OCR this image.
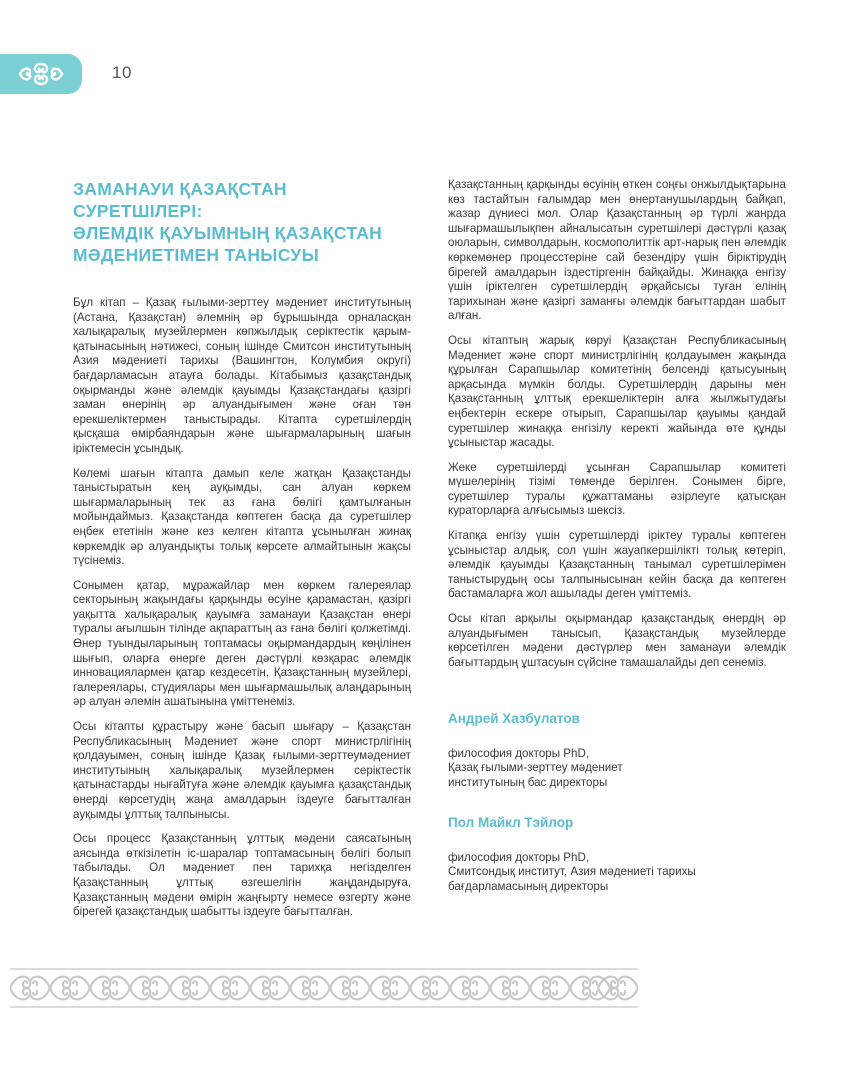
10
ЗАМАНАУИ ҚАЗАҚСТАН СУРЕТШІЛЕРІ:
ӘЛЕМДІК ҚАУЫМНЫҢ ҚАЗАҚСТАН
МӘДЕНИЕТІМЕН ТАНЫСУЫ

Бұл кітап – Қазақ ғылыми-зерттеу мәдениет институтының (Астана, Қазақстан) әлемнің әр бұрышында орналасқан халықаралық музейлермен көпжылдық серіктестік қарым-қатынасының нәтижесі, соның ішінде Смитсон институтының Азия мәдениеті тарихы (Вашингтон, Колумбия округі) бағдарламасын атауға болады. Кітабымыз қазақстандық оқырманды және әлемдік қауымды Қазақстандағы қазіргі заман өнерінің әр алуандығымен және оған тән ерекшеліктермен таныстырады. Кітапта суретшілердің қысқаша өмірбаяндарын және шығармаларының шағын іріктемесін ұсындық.

Көлемі шағын кітапта дамып келе жатқан Қазақстанды таныстыратын кең ауқымды, сан алуан көркем шығармаларының тек аз ғана бөлігі қамтылғанын мойындаймыз. Қазақстанда көптеген басқа да суретшілер еңбек ететінін және кез келген кітапта ұсынылған жинақ көркемдік әр алуандықты толық көрсете алмайтынын жақсы түсінеміз.

Сонымен қатар, мұражайлар мен көркем галереялар секторының жақындағы қарқынды өсуіне қарамастан, қазіргі уақытта халықаралық қауымға заманауи Қазақстан өнері туралы ағылшын тілінде ақпараттың аз ғана бөлігі қолжетімді. Өнер туындыларының топтамасы оқырмандардың көңілінен шығып, оларға өнерге деген дәстүрлі көзқарас әлемдік инновациялармен қатар кездесетін, Қазақстанның музейлері, галереялары, студиялары мен шығармашылық алаңдарының әр алуан әлемін ашатынына үміттенеміз.

Осы кітапты құрастыру және басып шығару – Қазақстан Республикасының Мәдениет және спорт министрлігінің қолдауымен, соның ішінде Қазақ ғылыми-зерттеумәдениет институтының халықаралық музейлермен серіктестік қатынастарды нығайтуға және әлемдік қауымға қазақстандық өнерді көрсетудің жаңа амалдарын іздеуге бағытталған ауқымды ұлттық талпынысы.

Осы процесс Қазақстанның ұлттық мәдени саясатының аясында өткізілетін іс-шаралар топтамасының бөлігі болып табылады. Ол мәдениет пен тарихқа негізделген Қазақстанның ұлттық өзгешелігін жаңдандыруға, Қазақстанның мәдени өмірін жаңғырту немесе өзгерту және бірегей қазақстандық шабытты іздеуге бағытталған.

Қазақстанның қарқынды өсуінің өткен соңғы онжылдықтарына көз тастайтын ғалымдар мен өнертанушылардың байқап, жазар дүниесі мол. Олар Қазақстанның әр түрлі жанрда шығармашылықпен айналысатын суретшілері дәстүрлі қазақ оюларын, символдарын, космополиттік арт-нарық пен әлемдік көркемөнер процесстеріне сай безендіру үшін біріктірудің бірегей амалдарын іздестіргенін байқайды. Жинаққа енгізу үшін іріктелген суретшілердің әрқайсысы туған елінің тарихынан және қазіргі заманғы әлемдік бағыттардан шабыт алған.

Осы кітаптың жарық көруі Қазақстан Республикасының Мәдениет және спорт министрлігінің қолдауымен жақында құрылған Сарапшылар комитетінің белсенді қатысуының арқасында мүмкін болды. Суретшілердің дарыны мен Қазақстанның ұлттық ерекшеліктерін алға жылжытудағы еңбектерін ескере отырып, Сарапшылар қауымы қандай суретшілер жинаққа енгізілу керекті жайында өте құнды ұсыныстар жасады.

Жеке суретшілерді ұсынған Сарапшылар комитеті мүшелерінің тізімі төменде берілген. Сонымен бірге, суретшілер туралы құжаттаманы әзірлеуге қатысқан кураторларға алғысымыз шексіз.

Кітапқа енгізу үшін суретшілерді іріктеу туралы көптеген ұсыныстар алдық, сол үшін жауапкершілікті толық көтеріп, әлемдік қауымды Қазақстанның танымал суретшілерімен таныстырудың осы талпынысынан кейін басқа да көптеген бастамаларға жол ашылады деген үміттеміз.

Осы кітап арқылы оқырмандар қазақстандық өнердің әр алуандығымен танысып, Қазақстандық музейлерде көрсетілген мәдени дәстүрлер мен заманауи әлемдік бағыттардың ұштасуын сүйсіне тамашалайды деп сенеміз.

Андрей Хазбулатов

философия докторы PhD,

Қазақ ғылыми-зерттеу мәдениет

институтының бас директоры

Пол Майкл Тэйлор

философия докторы PhD,

Смитсондық институт, Азия мәдениеті тарихы

бағдарламасының директоры
